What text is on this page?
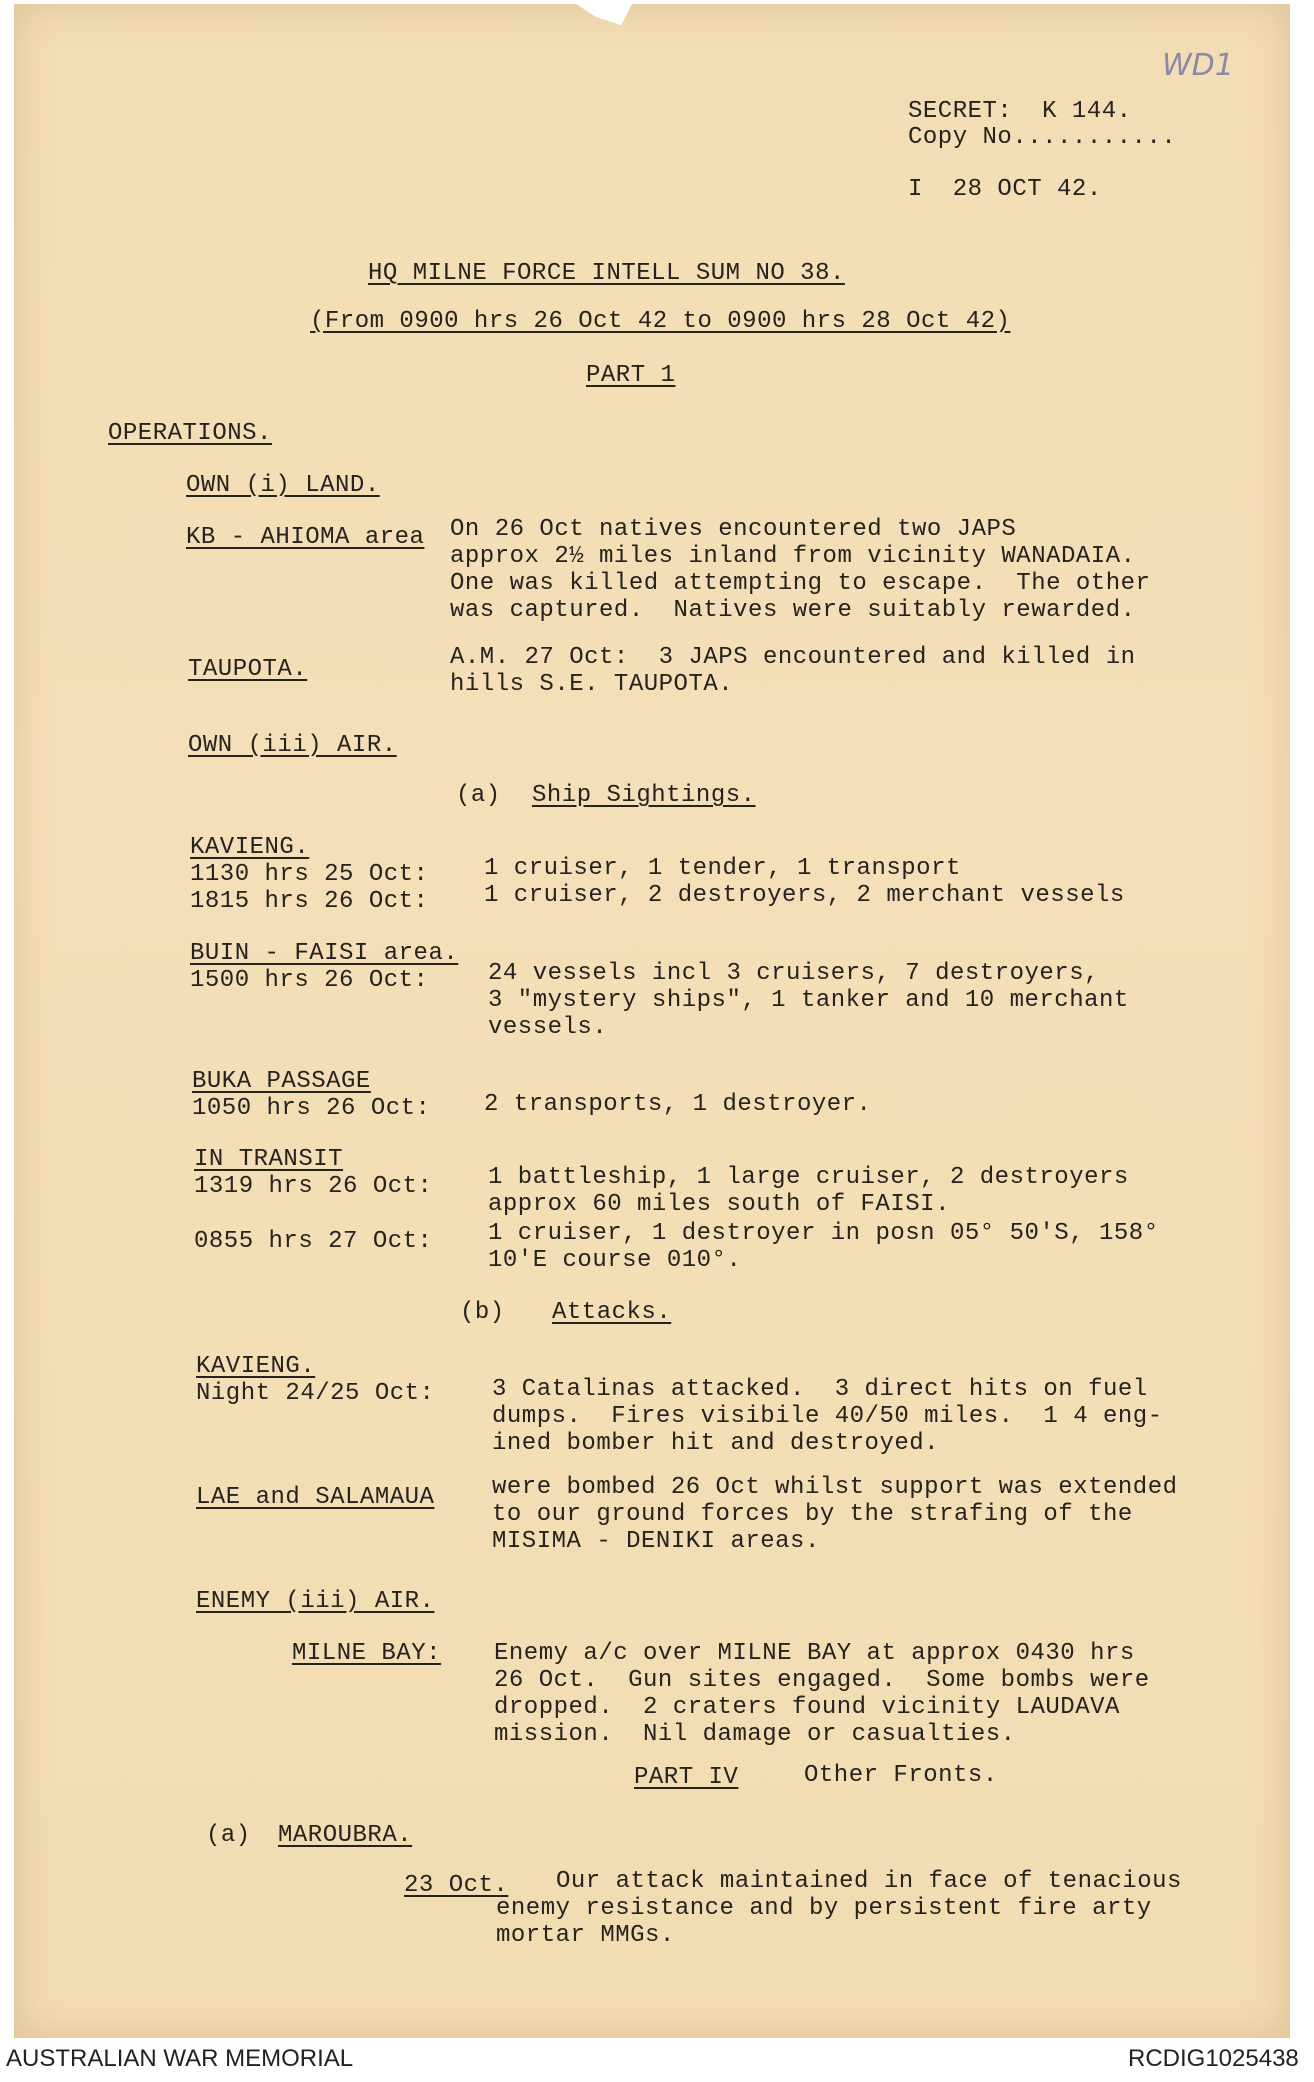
WD1
SECRET:  K 144.
Copy No...........
I  28 OCT 42.
HQ MILNE FORCE INTELL SUM NO 38.
(From 0900 hrs 26 Oct 42 to 0900 hrs 28 Oct 42)
PART 1
OPERATIONS.
OWN (i) LAND.
KB - AHIOMA area On 26 Oct natives encountered two JAPS
approx 2½ miles inland from vicinity WANADAIA.
One was killed attempting to escape.  The other
was captured.  Natives were suitably rewarded.
TAUPOTA.	A.M. 27 Oct:  3 JAPS encountered and killed in
hills S.E. TAUPOTA.
OWN (iii) AIR.
(a) Ship Sightings.
KAVIENG.
1130 hrs 25 Oct: 1 cruiser, 1 tender, 1 transport
1815 hrs 26 Oct: 1 cruiser, 2 destroyers, 2 merchant vessels
BUIN - FAISI area.
1500 hrs 26 Oct: 24 vessels incl 3 cruisers, 7 destroyers,
3 "mystery ships", 1 tanker and 10 merchant
vessels.
BUKA PASSAGE
1050 hrs 26 Oct: 2 transports, 1 destroyer.
IN TRANSIT
1319 hrs 26 Oct: 1 battleship, 1 large cruiser, 2 destroyers
approx 60 miles south of FAISI.
0855 hrs 27 Oct: 1 cruiser, 1 destroyer in posn 05° 50'S, 158°
10'E course 010°.
(b) Attacks.
KAVIENG.
Night 24/25 Oct: 3 Catalinas attacked.  3 direct hits on fuel
dumps.  Fires visibile 40/50 miles.  1 4 eng-
ined bomber hit and destroyed.
LAE and SALAMAUA were bombed 26 Oct whilst support was extended
to our ground forces by the strafing of the
MISIMA - DENIKI areas.
ENEMY (iii) AIR.
MILNE BAY: Enemy a/c over MILNE BAY at approx 0430 hrs
26 Oct.  Gun sites engaged.  Some bombs were
dropped.  2 craters found vicinity LAUDAVA
mission.  Nil damage or casualties.
PART IV	Other Fronts.
(a) MAROUBRA.
23 Oct. Our attack maintained in face of tenacious
enemy resistance and by persistent fire arty
mortar MMGs.
AUSTRALIAN WAR MEMORIAL	RCDIG1025438
